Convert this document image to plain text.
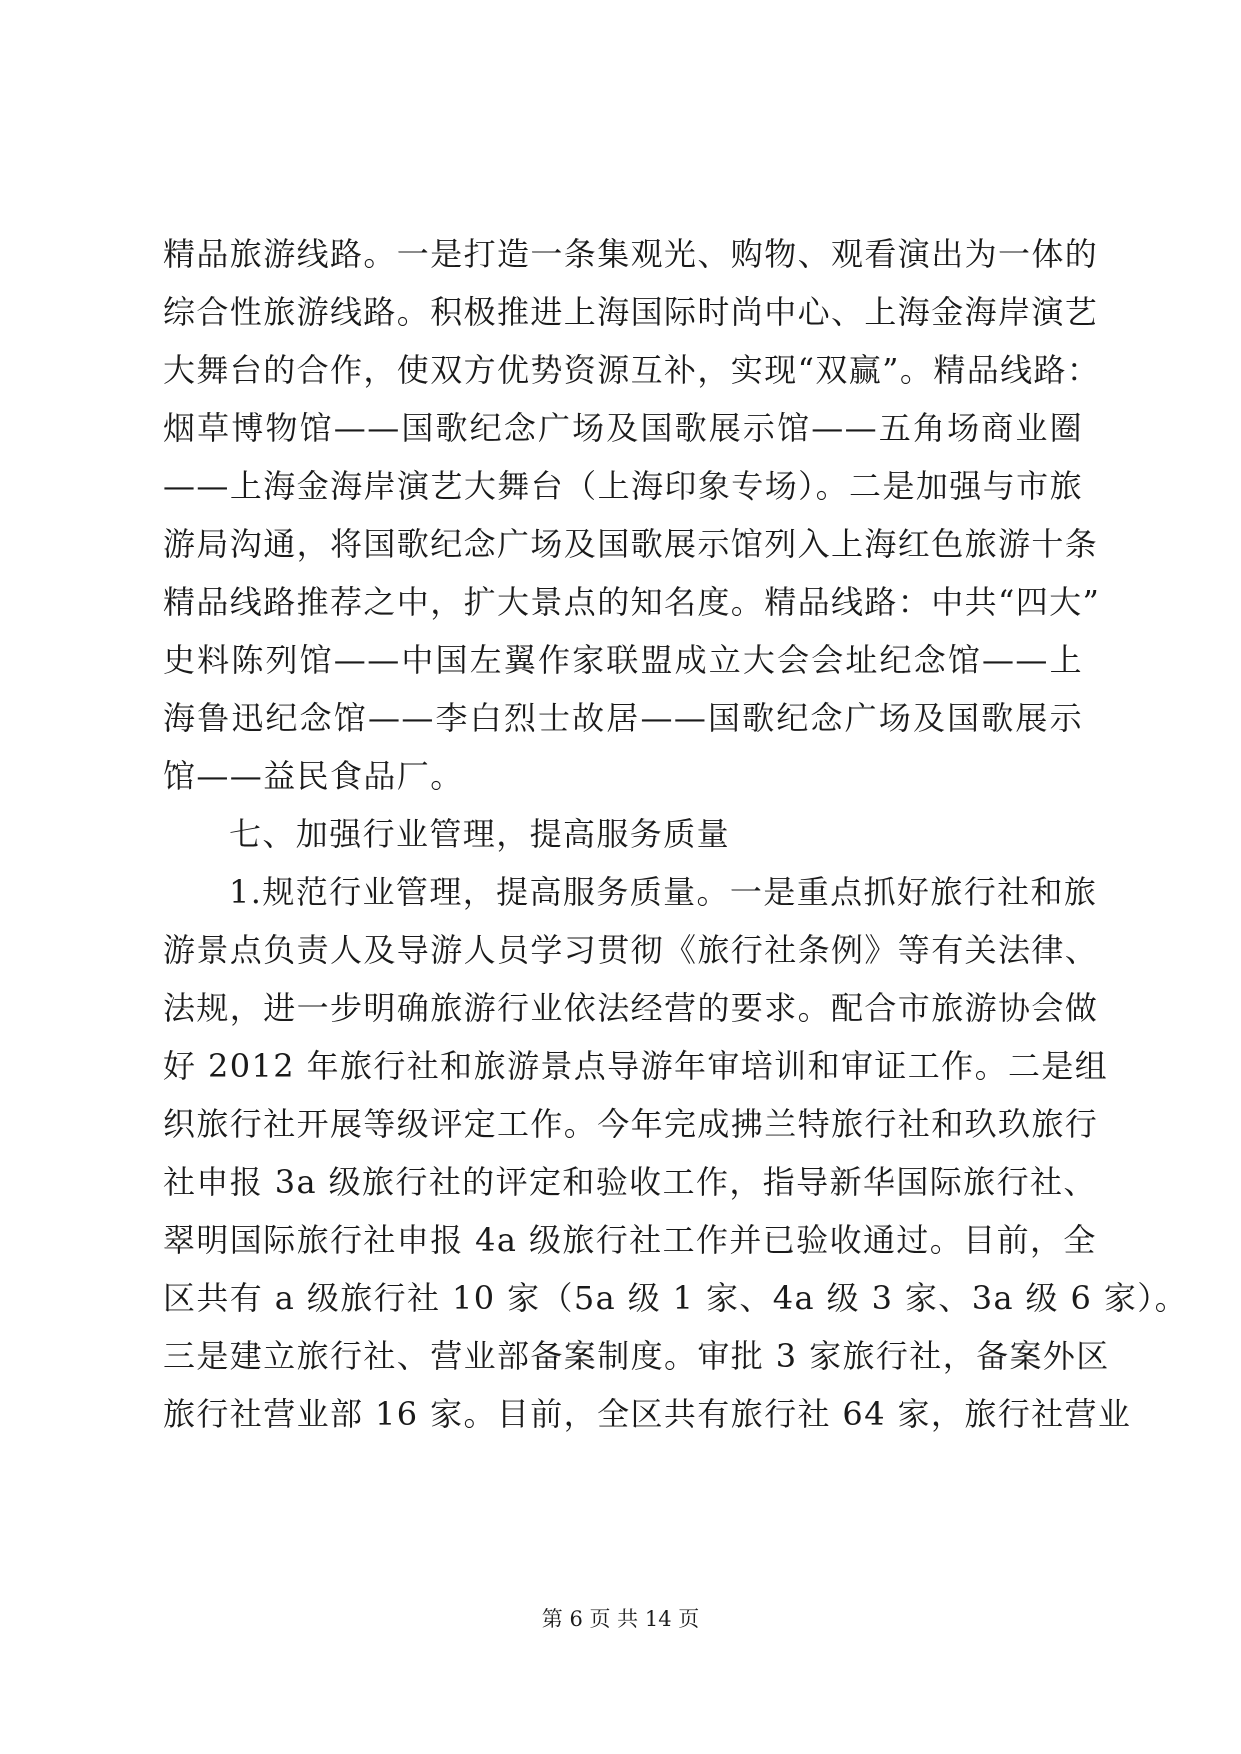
精品旅游线路。一是打造一条集观光、购物、观看演出为一体的
综合性旅游线路。积极推进上海国际时尚中心、上海金海岸演艺
大舞台的合作，使双方优势资源互补，实现“双赢”。精品线路：
烟草博物馆——国歌纪念广场及国歌展示馆——五角场商业圈
——上海金海岸演艺大舞台（上海印象专场）。二是加强与市旅
游局沟通，将国歌纪念广场及国歌展示馆列入上海红色旅游十条
精品线路推荐之中，扩大景点的知名度。精品线路：中共“四大”
史料陈列馆——中国左翼作家联盟成立大会会址纪念馆——上
海鲁迅纪念馆——李白烈士故居——国歌纪念广场及国歌展示
馆——益民食品厂。
七、加强行业管理，提高服务质量
1.规范行业管理，提高服务质量。一是重点抓好旅行社和旅
游景点负责人及导游人员学习贯彻《旅行社条例》等有关法律、
法规，进一步明确旅游行业依法经营的要求。配合市旅游协会做
好 2012 年旅行社和旅游景点导游年审培训和审证工作。二是组
织旅行社开展等级评定工作。今年完成拂兰特旅行社和玖玖旅行
社申报 3a 级旅行社的评定和验收工作，指导新华国际旅行社、
翠明国际旅行社申报 4a 级旅行社工作并已验收通过。目前，全
区共有 a 级旅行社 10 家（5a 级 1 家、4a 级 3 家、3a 级 6 家）。
三是建立旅行社、营业部备案制度。审批 3 家旅行社，备案外区
旅行社营业部 16 家。目前，全区共有旅行社 64 家，旅行社营业
第 6 页 共 14 页
